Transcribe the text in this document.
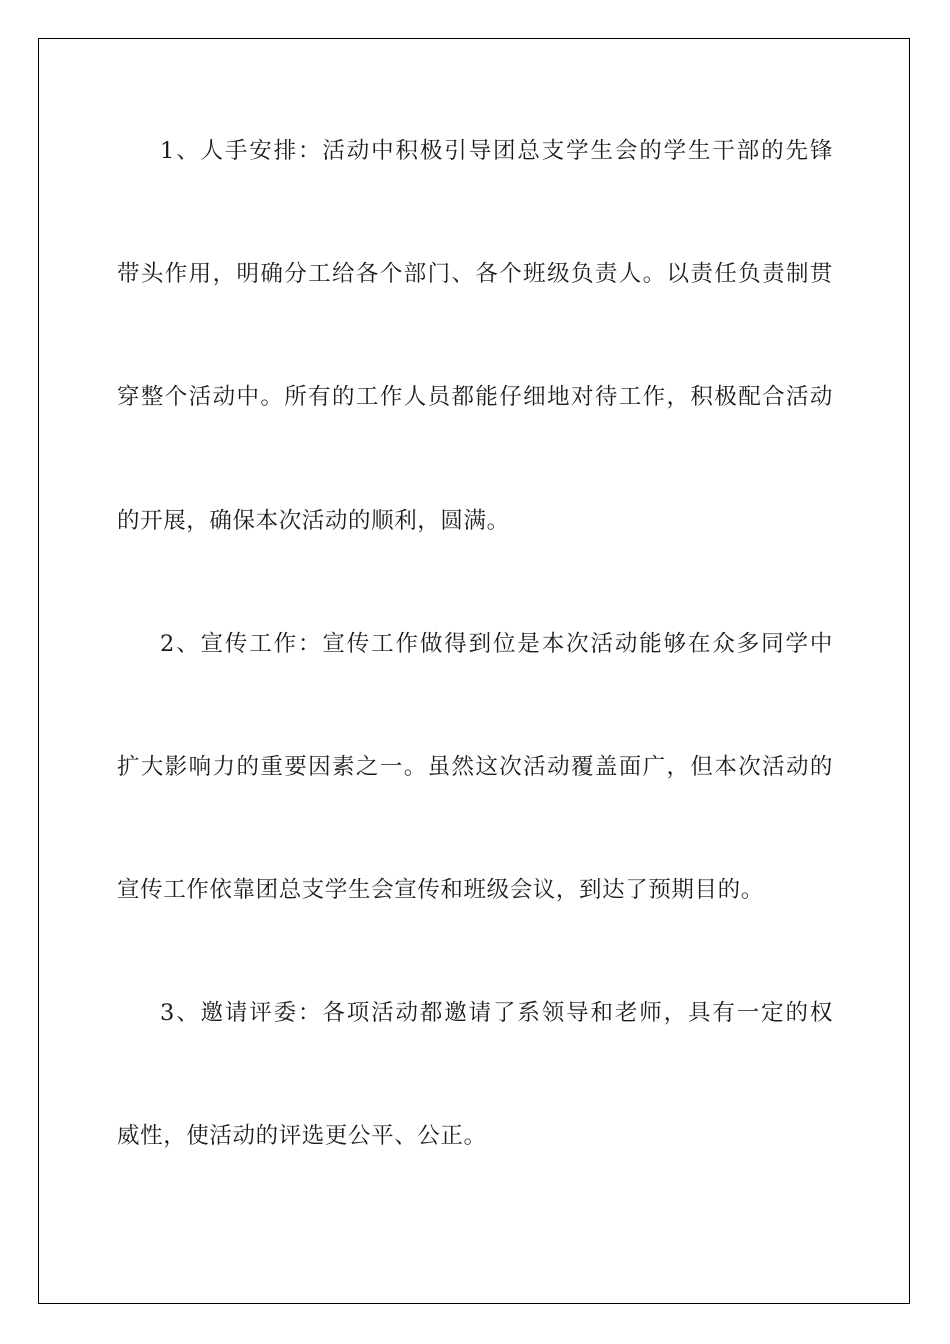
1、人手安排：活动中积极引导团总支学生会的学生干部的先锋
带头作用，明确分工给各个部门、各个班级负责人。以责任负责制贯
穿整个活动中。所有的工作人员都能仔细地对待工作，积极配合活动
的开展，确保本次活动的顺利，圆满。
2、宣传工作：宣传工作做得到位是本次活动能够在众多同学中
扩大影响力的重要因素之一。虽然这次活动覆盖面广，但本次活动的
宣传工作依靠团总支学生会宣传和班级会议，到达了预期目的。
3、邀请评委：各项活动都邀请了系领导和老师，具有一定的权
威性，使活动的评选更公平、公正。
